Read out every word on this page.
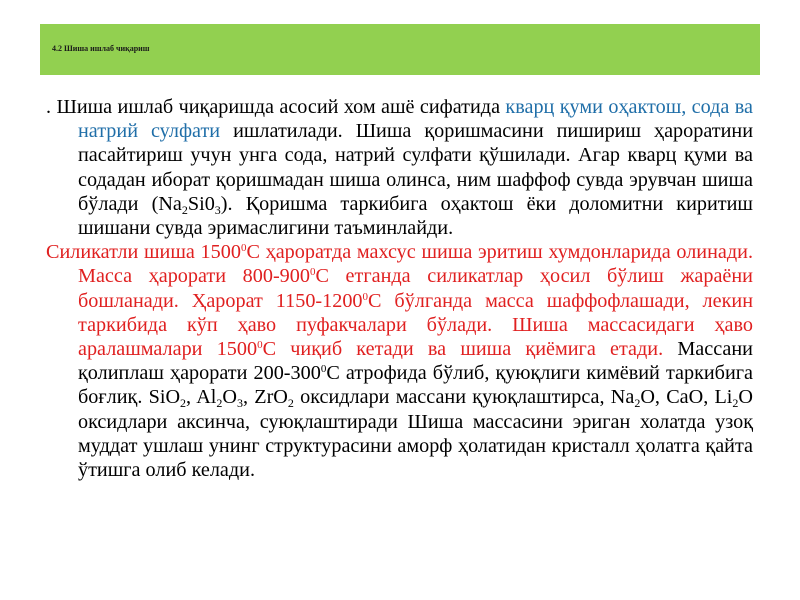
4.2 Шиша ишлаб чиқариш

. Шиша ишлаб чиқаришда асосий хом ашё сифатида кварц қуми оҳактош, сода ва натрий сулфати ишлатилади. Шиша қоришмасини пишириш ҳароратини пасайтириш учун унга сода, натрий сулфати қўшилади. Агар кварц қуми ва содадан иборат қоришмадан шиша олинса, ним шаффоф сувда эрувчан шиша бўлади $(Na_2Si0_3)$. Қоришма таркибига оҳактош ёки доломитни киритиш шишани сувда эримаслигини таъминлайди.

Силикатли шиша 1500$^0$С ҳароратда махсус шиша эритиш хумдонларида олинади. Масса ҳарорати $800-900^0С$ етганда силикатлар ҳосил бўлиш жараёни бошланади. Ҳарорат 1150-1200$^0$С бўлганда масса шаффофлашади, лекин таркибида кўп ҳаво пуфакчалари бўлади. Шиша массасидаги ҳаво аралашмалари 1500$^0$С чиқиб кетади ва шиша қиёмига етади. Массани қолиплаш ҳарорати $200-300^0С$ атрофида бўлиб, қуюқлиги кимёвий таркибига боғлиқ. SiO$_2$, $Al_2O_3$, ZrO$_2$ оксидлари массани қуюқлаштирса, $Na_2O$, CaO, $Li_2O$ оксидлари аксинча, суюқлаштиради Шиша массасини эриган холатда узоқ муддат ушлаш унинг структурасини аморф ҳолатидан кристалл ҳолатга қайта ўтишга олиб келади.
